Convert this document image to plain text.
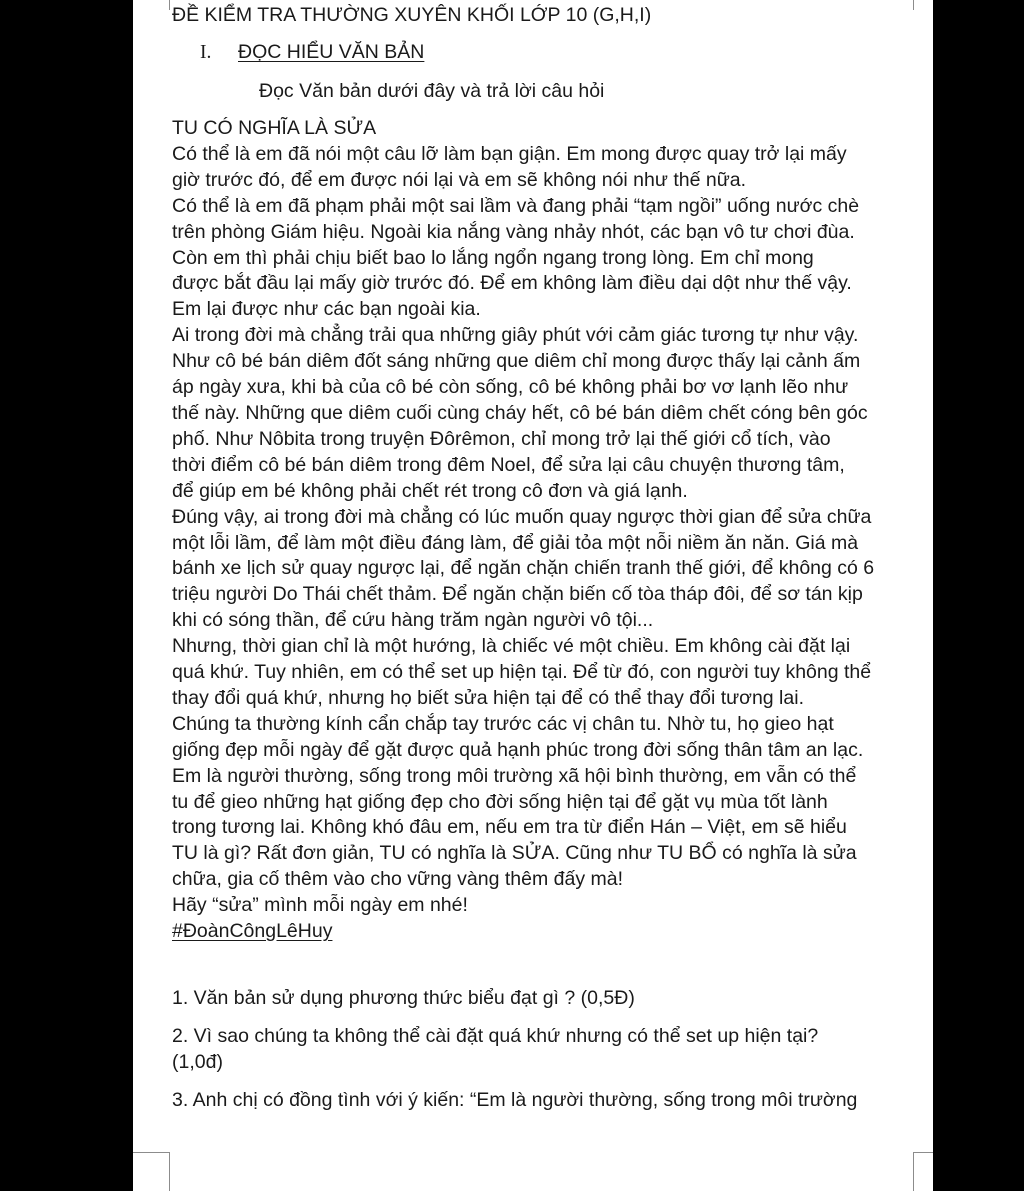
ĐỀ KIỂM TRA THƯỜNG XUYÊN KHỐI LỚP 10 (G,H,I)
I. ĐỌC HIỂU VĂN BẢN
Đọc Văn bản dưới đây và trả lời câu hỏi
TU CÓ NGHĨA LÀ SỬA
Có thể là em đã nói một câu lỡ làm bạn giận. Em mong được quay trở lại mấy
giờ trước đó, để em được nói lại và em sẽ không nói như thế nữa.
Có thể là em đã phạm phải một sai lầm và đang phải “tạm ngồi” uống nước chè
trên phòng Giám hiệu. Ngoài kia nắng vàng nhảy nhót, các bạn vô tư chơi đùa.
Còn em thì phải chịu biết bao lo lắng ngổn ngang trong lòng. Em chỉ mong
được bắt đầu lại mấy giờ trước đó. Để em không làm điều dại dột như thế vậy.
Em lại được như các bạn ngoài kia.
Ai trong đời mà chẳng trải qua những giây phút với cảm giác tương tự như vậy.
Như cô bé bán diêm đốt sáng những que diêm chỉ mong được thấy lại cảnh ấm
áp ngày xưa, khi bà của cô bé còn sống, cô bé không phải bơ vơ lạnh lẽo như
thế này. Những que diêm cuối cùng cháy hết, cô bé bán diêm chết cóng bên góc
phố. Như Nôbita trong truyện Đôrêmon, chỉ mong trở lại thế giới cổ tích, vào
thời điểm cô bé bán diêm trong đêm Noel, để sửa lại câu chuyện thương tâm,
để giúp em bé không phải chết rét trong cô đơn và giá lạnh.
Đúng vậy, ai trong đời mà chẳng có lúc muốn quay ngược thời gian để sửa chữa
một lỗi lầm, để làm một điều đáng làm, để giải tỏa một nỗi niềm ăn năn. Giá mà
bánh xe lịch sử quay ngược lại, để ngăn chặn chiến tranh thế giới, để không có 6
triệu người Do Thái chết thảm. Để ngăn chặn biến cố tòa tháp đôi, để sơ tán kịp
khi có sóng thần, để cứu hàng trăm ngàn người vô tội...
Nhưng, thời gian chỉ là một hướng, là chiếc vé một chiều. Em không cài đặt lại
quá khứ. Tuy nhiên, em có thể set up hiện tại. Để từ đó, con người tuy không thể
thay đổi quá khứ, nhưng họ biết sửa hiện tại để có thể thay đổi tương lai.
Chúng ta thường kính cẩn chắp tay trước các vị chân tu. Nhờ tu, họ gieo hạt
giống đẹp mỗi ngày để gặt được quả hạnh phúc trong đời sống thân tâm an lạc.
Em là người thường, sống trong môi trường xã hội bình thường, em vẫn có thể
tu để gieo những hạt giống đẹp cho đời sống hiện tại để gặt vụ mùa tốt lành
trong tương lai. Không khó đâu em, nếu em tra từ điển Hán – Việt, em sẽ hiểu
TU là gì? Rất đơn giản, TU có nghĩa là SỬA. Cũng như TU BỔ có nghĩa là sửa
chữa, gia cố thêm vào cho vững vàng thêm đấy mà!
Hãy “sửa” mình mỗi ngày em nhé!
#ĐoànCôngLêHuy
1. Văn bản sử dụng phương thức biểu đạt gì ? (0,5Đ)
2. Vì sao chúng ta không thể cài đặt quá khứ nhưng có thể set up hiện tại?
(1,0đ)
3. Anh chị có đồng tình với ý kiến: “Em là người thường, sống trong môi trường
